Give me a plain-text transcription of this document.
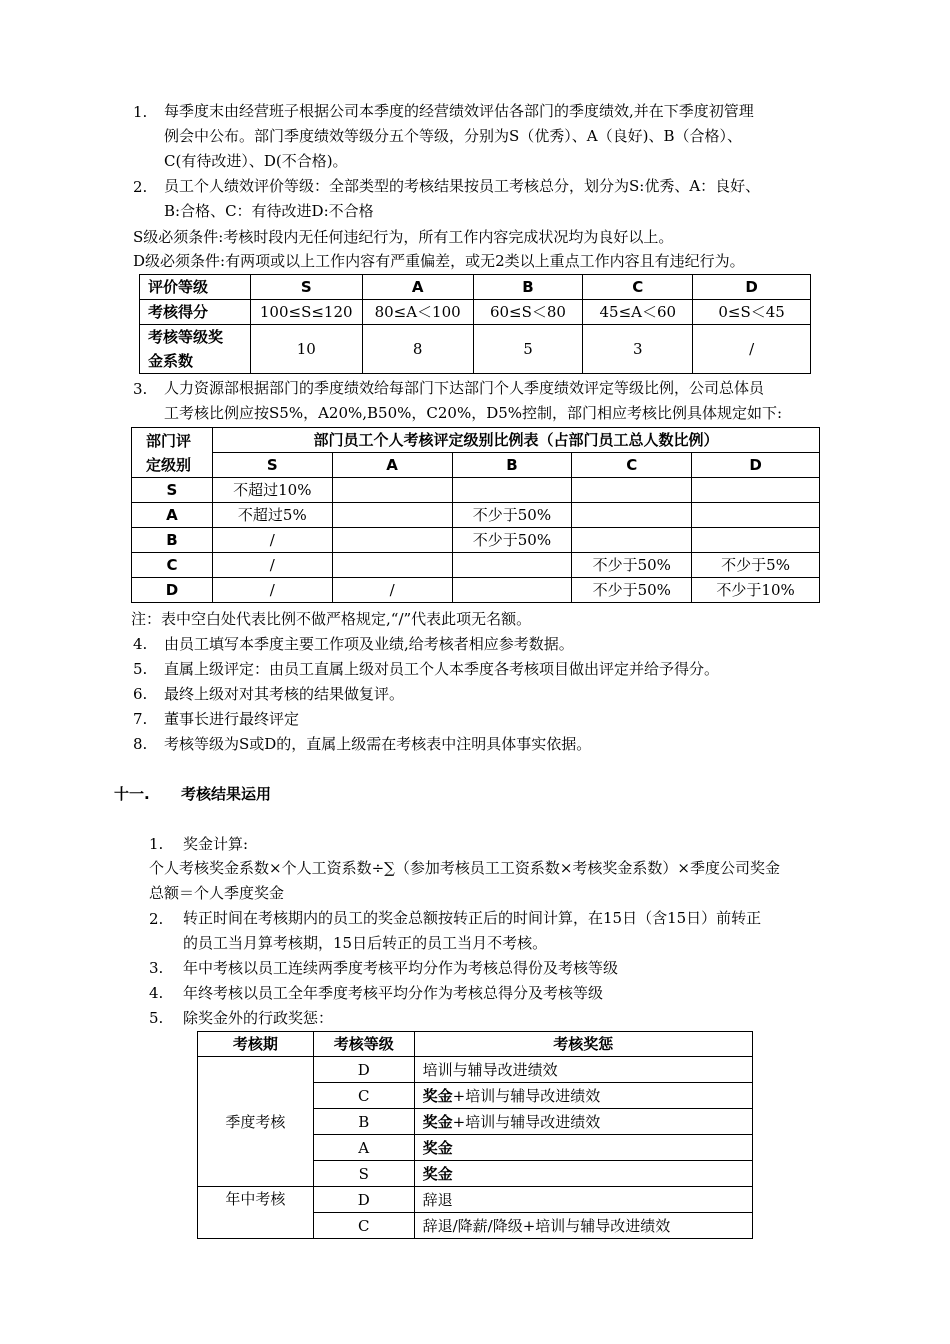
1. 每季度末由经营班子根据公司本季度的经营绩效评估各部门的季度绩效,并在下季度初管理
例会中公布。部门季度绩效等级分五个等级，分别为S（优秀）、A（良好)、B（合格）、
C(有待改进）、D(不合格)。
2. 员工个人绩效评价等级：全部类型的考核结果按员工考核总分，划分为S:优秀、A：良好、
B:合格、C：有待改进D:不合格
S级必须条件:考核时段内无任何违纪行为，所有工作内容完成状况均为良好以上。
D级必须条件:有两项或以上工作内容有严重偏差，或无2类以上重点工作内容且有违纪行为。
评价等级	S	A	B	C	D
考核得分	100≤S≤120	80≤A＜100	60≤S＜80	45≤A＜60	0≤S＜45

考核等级奖
金系数	10	8	5	3	/
3. 人力资源部根据部门的季度绩效给每部门下达部门个人季度绩效评定等级比例，公司总体员
工考核比例应按S5%，A20%,B50%，C20%，D5%控制，部门相应考核比例具体规定如下:
部门评
定级别	部门员工个人考核评定级别比例表（占部门员工总人数比例）				
	S	A	B	C	D
S	不超过10%				
A	不超过5%		不少于50%		
B	/		不少于50%		
C	/			不少于50%	不少于5%
D	/	/		不少于50%	不少于10%
注：表中空白处代表比例不做严格规定,“/”代表此项无名额。
4. 由员工填写本季度主要工作项及业绩,给考核者相应参考数据。
5. 直属上级评定：由员工直属上级对员工个人本季度各考核项目做出评定并给予得分。
6. 最终上级对对其考核的结果做复评。
7. 董事长进行最终评定
8. 考核等级为S或D的，直属上级需在考核表中注明具体事实依据。
十一. 考核结果运用
1. 奖金计算:
个人考核奖金系数×个人工资系数÷∑（参加考核员工工资系数×考核奖金系数）×季度公司奖金
总额＝个人季度奖金
2. 转正时间在考核期内的员工的奖金总额按转正后的时间计算，在15日（含15日）前转正
的员工当月算考核期，15日后转正的员工当月不考核。
3. 年中考核以员工连续两季度考核平均分作为考核总得份及考核等级
4. 年终考核以员工全年季度考核平均分作为考核总得分及考核等级
5. 除奖金外的行政奖惩：
考核期	考核等级	考核奖惩
季度考核	D	培训与辅导改进绩效
	C	奖金+培训与辅导改进绩效
	B	奖金+培训与辅导改进绩效
	A	奖金
	S	奖金
年中考核	D	辞退
	C	辞退/降薪/降级+培训与辅导改进绩效
